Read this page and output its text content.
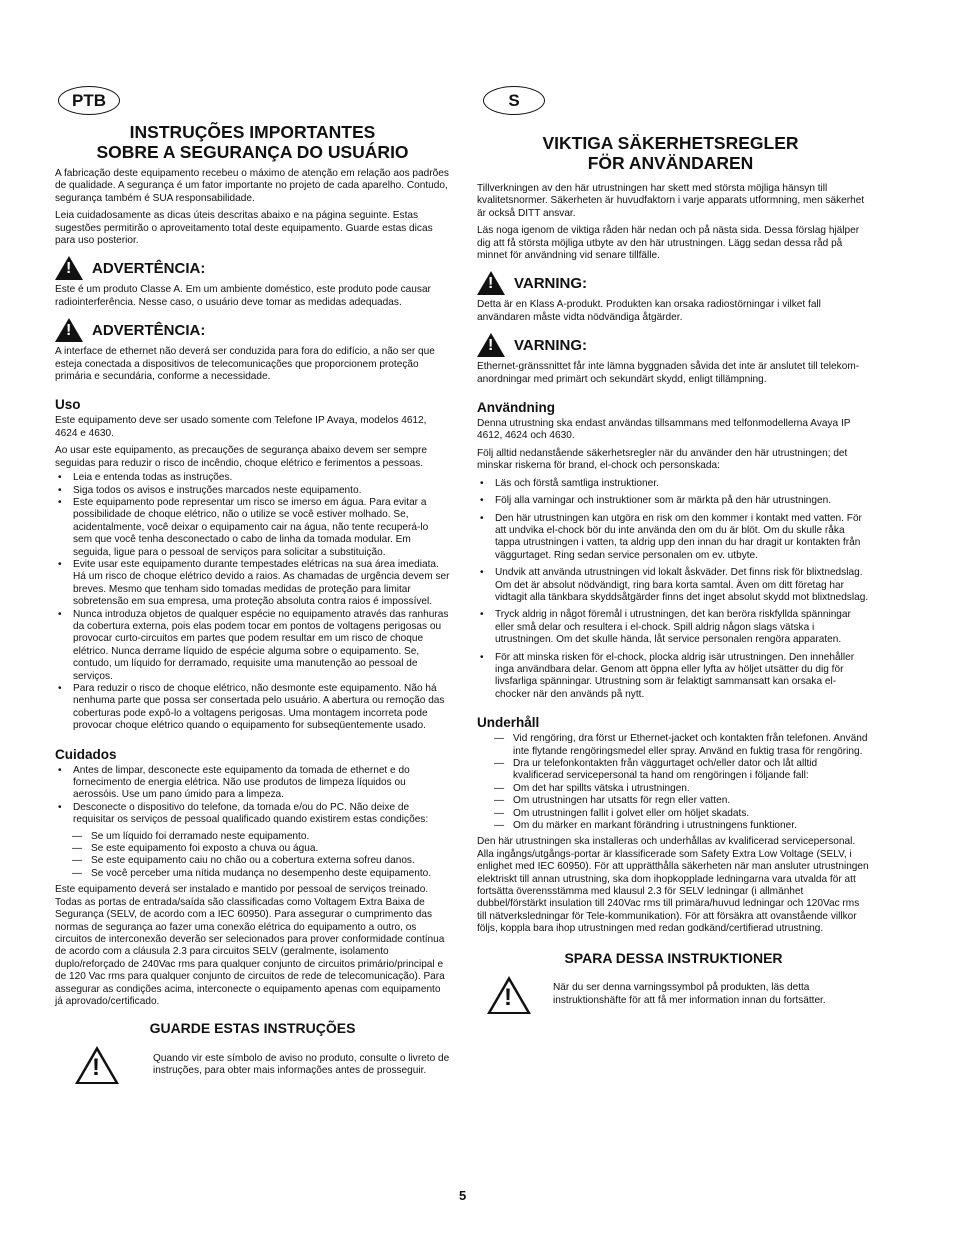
PTB
INSTRUÇÕES IMPORTANTES
SOBRE A SEGURANÇA DO USUÁRIO

A fabricação deste equipamento recebeu o máximo de atenção em relação aos padrões de qualidade. A segurança é um fator importante no projeto de cada aparelho. Contudo, segurança também é SUA responsabilidade.

Leia cuidadosamente as dicas úteis descritas abaixo e na página seguinte. Estas sugestões permitirão o aproveitamento total deste equipamento. Guarde estas dicas para uso posterior.

!
ADVERTÊNCIA:

Este é um produto Classe A. Em um ambiente doméstico, este produto pode causar radiointerferência. Nesse caso, o usuário deve tomar as medidas adequadas.

!
ADVERTÊNCIA:

A interface de ethernet não deverá ser conduzida para fora do edifício, a não ser que esteja conectada a dispositivos de telecomunicações que proporcionem proteção primária e secundária, conforme a necessidade.

Uso

Este equipamento deve ser usado somente com Telefone IP Avaya, modelos 4612, 4624 e 4630.

Ao usar este equipamento, as precauções de segurança abaixo devem ser sempre seguidas para reduzir o risco de incêndio, choque elétrico e ferimentos a pessoas.

• Leia e entenda todas as instruções.
• Siga todos os avisos e instruções marcados neste equipamento.
• Este equipamento pode representar um risco se imerso em água. Para evitar a possibilidade de choque elétrico, não o utilize se você estiver molhado. Se, acidentalmente, você deixar o equipamento cair na água, não tente recuperá-lo sem que você tenha desconectado o cabo de linha da tomada modular. Em seguida, ligue para o pessoal de serviços para solicitar a substituição.
• Evite usar este equipamento durante tempestades elétricas na sua área imediata. Há um risco de choque elétrico devido a raios. As chamadas de urgência devem ser breves. Mesmo que tenham sido tomadas medidas de proteção para limitar sobretensão em sua empresa, uma proteção absoluta contra raios é impossível.
• Nunca introduza objetos de qualquer espécie no equipamento através das ranhuras da cobertura externa, pois elas podem tocar em pontos de voltagens perigosas ou provocar curto-circuitos em partes que podem resultar em um risco de choque elétrico. Nunca derrame líquido de espécie alguma sobre o equipamento. Se, contudo, um líquido for derramado, requisite uma manutenção ao pessoal de serviços.
• Para reduzir o risco de choque elétrico, não desmonte este equipamento. Não há nenhuma parte que possa ser consertada pelo usuário. A abertura ou remoção das coberturas pode expô-lo a voltagens perigosas. Uma montagem incorreta pode provocar choque elétrico quando o equipamento for subseqüentemente usado.
Cuidados
• Antes de limpar, desconecte este equipamento da tomada de ethernet e do fornecimento de energia elétrica. Não use produtos de limpeza líquidos ou aerossóis. Use um pano úmido para a limpeza.
• Desconecte o dispositivo do telefone, da tomada e/ou do PC. Não deixe de requisitar os serviços de pessoal qualificado quando existirem estas condições:
— Se um líquido foi derramado neste equipamento.
— Se este equipamento foi exposto a chuva ou água.
— Se este equipamento caiu no chão ou a cobertura externa sofreu danos.
— Se você perceber uma nítida mudança no desempenho deste equipamento.

Este equipamento deverá ser instalado e mantido por pessoal de serviços treinado. Todas as portas de entrada/saída são classificadas como Voltagem Extra Baixa de Segurança (SELV, de acordo com a IEC 60950). Para assegurar o cumprimento das normas de segurança ao fazer uma conexão elétrica do equipamento a outro, os circuitos de interconexão deverão ser selecionados para prover conformidade contínua de acordo com a cláusula 2.3 para circuitos SELV (geralmente, isolamento duplo/reforçado de 240Vac rms para qualquer conjunto de circuitos primário/principal e de 120 Vac rms para qualquer conjunto de circuitos de rede de telecomunicação). Para assegurar as condições acima, interconecte o equipamento apenas com equipamento já aprovado/certificado.

GUARDE ESTAS INSTRUÇÕES
!
Quando vir este símbolo de aviso no produto, consulte o livreto de instruções, para obter mais informações antes de prosseguir.
S
VIKTIGA SÄKERHETSREGLER
FÖR ANVÄNDAREN

Tillverkningen av den här utrustningen har skett med största möjliga hänsyn till kvalitetsnormer. Säkerheten är huvudfaktorn i varje apparats utformning, men säkerhet är också DITT ansvar.

Läs noga igenom de viktiga råden här nedan och på nästa sida. Dessa förslag hjälper dig att få största möjliga utbyte av den här utrustningen. Lägg sedan dessa råd på minnet för användning vid senare tillfälle.

!
VARNING:

Detta är en Klass A-produkt. Produkten kan orsaka radiostörningar i vilket fall användaren måste vidta nödvändiga åtgärder.

!
VARNING:

Ethernet-gränssnittet får inte lämna byggnaden såvida det inte är anslutet till telekom-anordningar med primärt och sekundärt skydd, enligt tillämpning.

Användning

Denna utrustning ska endast användas tillsammans med telfonmodellerna Avaya IP 4612, 4624 och 4630.

Följ alltid nedanstående säkerhetsregler när du använder den här utrustningen; det minskar riskerna för brand, el-chock och personskada:

• Läs och förstå samtliga instruktioner.
• Följ alla varningar och instruktioner som är märkta på den här utrustningen.
• Den här utrustningen kan utgöra en risk om den kommer i kontakt med vatten. För att undvika el-chock bör du inte använda den om du är blöt. Om du skulle råka tappa utrustningen i vatten, ta aldrig upp den innan du har dragit ur kontakten från väggurtaget. Ring sedan service personalen om ev. utbyte.
• Undvik att använda utrustningen vid lokalt åskväder. Det finns risk för blixtnedslag. Om det är absolut nödvändigt, ring bara korta samtal. Även om ditt företag har vidtagit alla tänkbara skyddsåtgärder finns det inget absolut skydd mot blixtnedslag.
• Tryck aldrig in något föremål i utrustningen, det kan beröra riskfyllda spänningar eller små delar och resultera i el-chock. Spill aldrig någon slags vätska i utrustningen. Om det skulle hända, låt service personalen rengöra apparaten.
• För att minska risken för el-chock, plocka aldrig isär utrustningen. Den innehåller inga användbara delar. Genom att öppna eller lyfta av höljet utsätter du dig för livsfarliga spänningar. Utrustning som är felaktigt sammansatt kan orsaka el-chocker när den används på nytt.
Underhåll
— Vid rengöring, dra först ur Ethernet-jacket och kontakten från telefonen. Använd inte flytande rengöringsmedel eller spray. Använd en fuktig trasa för rengöring.
— Dra ur telefonkontakten från väggurtaget och/eller dator och låt alltid kvalificerad servicepersonal ta hand om rengöringen i följande fall:
— Om det har spillts vätska i utrustningen.
— Om utrustningen har utsatts för regn eller vatten.
— Om utrustningen fallit i golvet eller om höljet skadats.
— Om du märker en markant förändring i utrustningens funktioner.

Den här utrustningen ska installeras och underhållas av kvalificerad servicepersonal. Alla ingångs/utgångs-portar är klassificerade som Safety Extra Low Voltage (SELV, i enlighet med IEC 60950). För att upprätthålla säkerheten när man ansluter utrustningen elektriskt till annan utrustning, ska dom ihopkopplade ledningarna vara utvalda för att fortsätta överensstämma med klausul 2.3 för SELV ledningar (i allmänhet dubbel/förstärkt insulation till 240Vac rms till primära/huvud ledningar och 120Vac rms till nätverksledningar för Tele-kommunikation). För att försäkra att ovanstående villkor följs, koppla bara ihop utrustningen med redan godkänd/certifierad utrustning.

SPARA DESSA INSTRUKTIONER
!
När du ser denna varningssymbol på produkten, läs detta instruktionshäfte för att få mer information innan du fortsätter.
5
